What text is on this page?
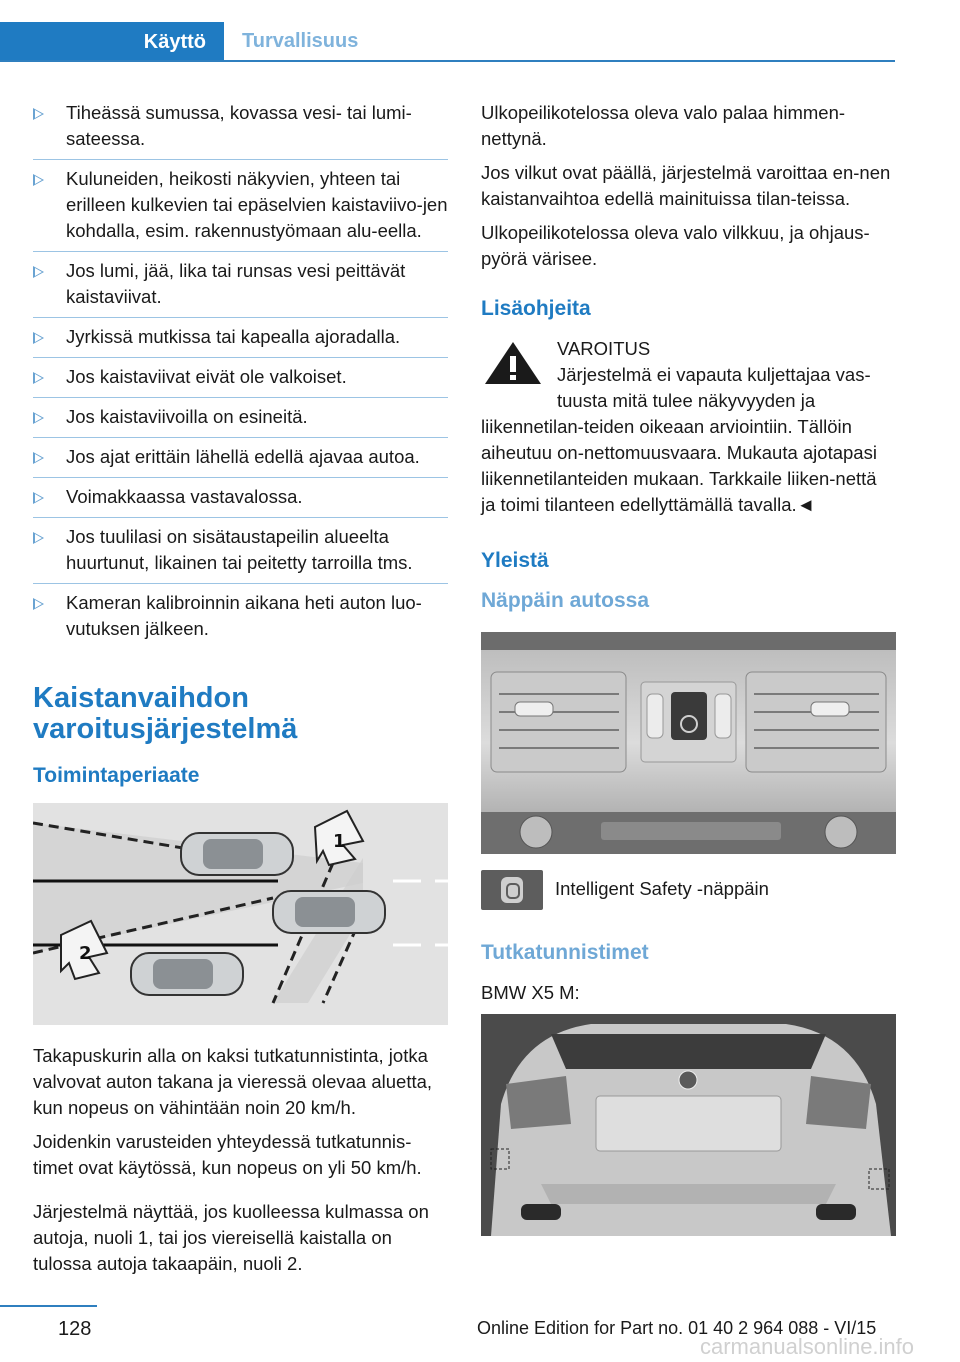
Käyttö	Turvallisuus
Tiheässä sumussa, kovassa vesi- tai lumi-sateessa.
Kuluneiden, heikosti näkyvien, yhteen tai erilleen kulkevien tai epäselvien kaistaviivo-jen kohdalla, esim. rakennustyömaan alu-eella.
Jos lumi, jää, lika tai runsas vesi peittävät kaistaviivat.
Jyrkissä mutkissa tai kapealla ajoradalla.
Jos kaistaviivat eivät ole valkoiset.
Jos kaistaviivoilla on esineitä.
Jos ajat erittäin lähellä edellä ajavaa autoa.
Voimakkaassa vastavalossa.
Jos tuulilasi on sisätaustapeilin alueelta huurtunut, likainen tai peitetty tarroilla tms.
Kameran kalibroinnin aikana heti auton luo-vutuksen jälkeen.
Kaistanvaihdon varoitusjärjestelmä
Toimintaperiaate
1
2

Takapuskurin alla on kaksi tutkatunnistinta, jotka valvovat auton takana ja vieressä olevaa aluetta, kun nopeus on vähintään noin 20 km/h.

Joidenkin varusteiden yhteydessä tutkatunnis-timet ovat käytössä, kun nopeus on yli 50 km/h.

Järjestelmä näyttää, jos kuolleessa kulmassa on autoja, nuoli 1, tai jos viereisellä kaistalla on tulossa autoja takaapäin, nuoli 2.

Ulkopeilikotelossa oleva valo palaa himmen-nettynä.

Jos vilkut ovat päällä, järjestelmä varoittaa en-nen kaistanvaihtoa edellä mainituissa tilan-teissa.

Ulkopeilikotelossa oleva valo vilkkuu, ja ohjaus-pyörä värisee.

Lisäohjeita
VAROITUS
Järjestelmä ei vapauta kuljettajaa vas-tuusta mitä tulee näkyvyyden ja liikennetilan-teiden oikeaan arviointiin. Tällöin aiheutuu on-nettomuusvaara. Mukauta ajotapasi liikennetilanteiden mukaan. Tarkkaile liiken-nettä ja toimi tilanteen edellyttämällä tavalla.◄
Yleistä
Näppäin autossa
Intelligent Safety -näppäin
Tutkatunnistimet

BMW X5 M:

128	Online Edition for Part no. 01 40 2 964 088 - VI/15
carmanualsonline.info
